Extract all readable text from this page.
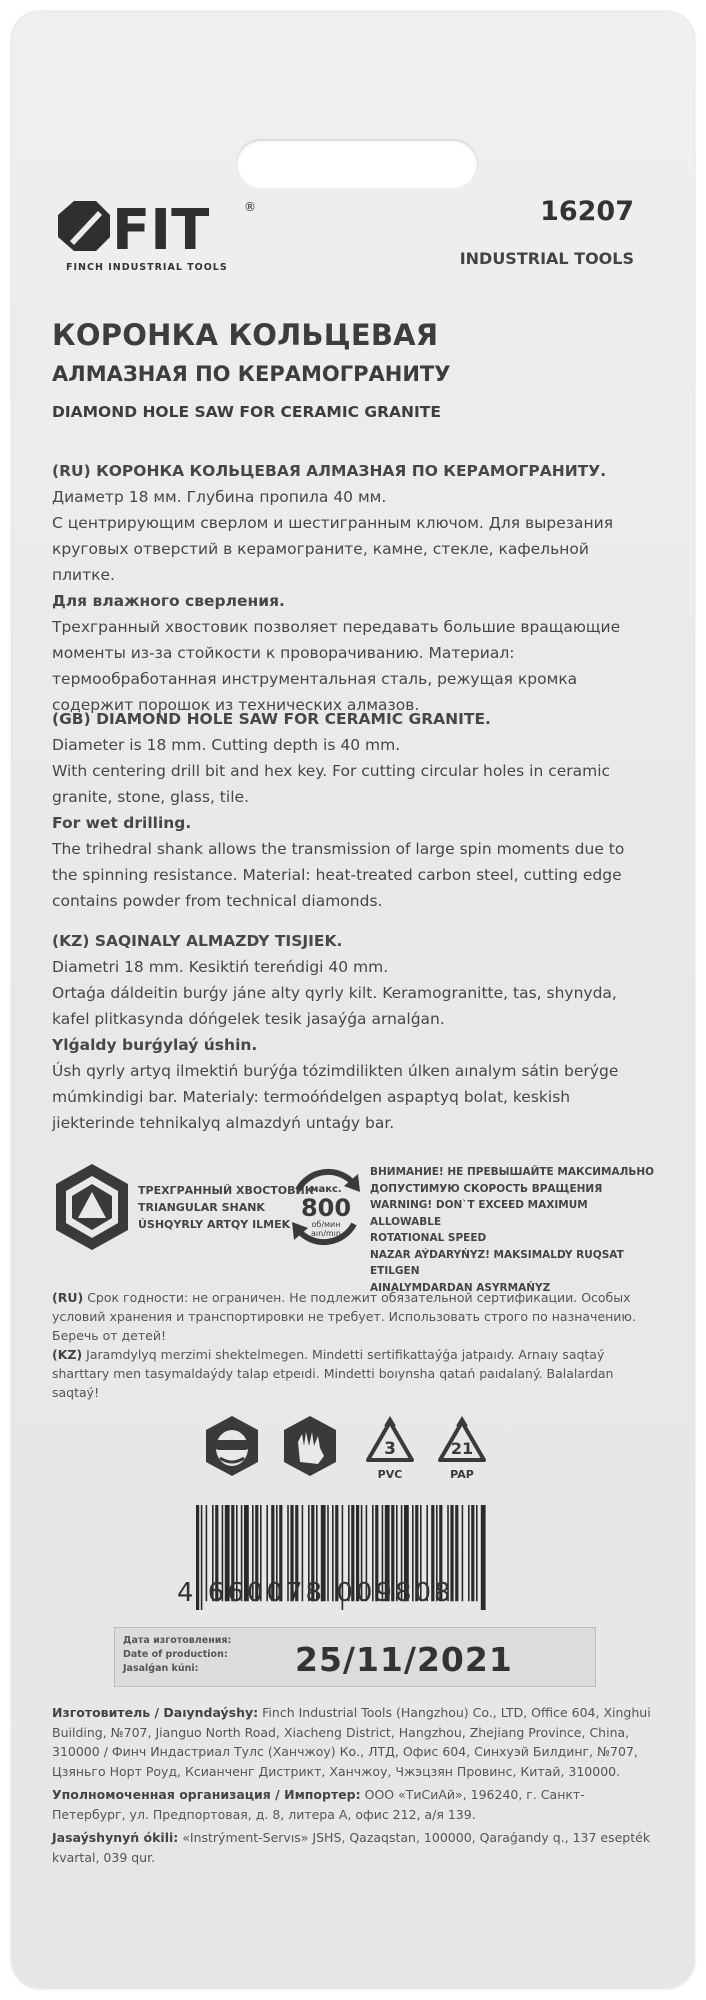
FIT	®
FINCH INDUSTRIAL TOOLS
16207
INDUSTRIAL TOOLS
КОРОНКА КОЛЬЦЕВАЯ
АЛМАЗНАЯ ПО КЕРАМОГРАНИТУ
DIAMOND HOLE SAW FOR CERAMIC GRANITE

(RU) КОРОНКА КОЛЬЦЕВАЯ АЛМАЗНАЯ ПО КЕРАМОГРАНИТУ.

Диаметр 18 мм. Глубина пропила 40 мм.

С центрирующим сверлом и шестигранным ключом. Для вырезания круговых отверстий в керамограните, камне, стекле, кафельной плитке.

Для влажного сверления.

Трехгранный хвостовик позволяет передавать большие вращающие моменты из-за стойкости к проворачиванию. Материал: термообработанная инструментальная сталь, режущая кромка содержит порошок из технических алмазов.

(GB) DIAMOND HOLE SAW FOR CERAMIC GRANITE.

Diameter is 18 mm. Cutting depth is 40 mm.

With centering drill bit and hex key. For cutting circular holes in ceramic granite, stone, glass, tile.

For wet drilling.

The trihedral shank allows the transmission of large spin moments due to the spinning resistance. Material: heat-treated carbon steel, cutting edge contains powder from technical diamonds.

(KZ) SAQINALY ALMAZDY TISJIEK.

Diametri 18 mm. Kesiktiń tereńdigi 40 mm.

Ortaǵa dáldeitin burǵy jáne alty qyrly kilt. Keramogranitte, tas, shynyda, kafel plitkasynda dóńgelek tesik jasaýǵa arnalǵan.

Ylǵaldy burǵylaý úshin.

Úsh qyrly artyq ilmektiń burýǵa tózimdilikten úlken aınalym sátin berýge múmkindigi bar. Materialy: termoóńdelgen aspaptyq bolat, keskish jiekterinde tehnikalyq almazdyń untaǵy bar.

ТРЕХГРАННЫЙ ХВОСТОВИК
TRIANGULAR SHANK
ÚSHQYRLY ARTQY ILMEK
макс.
800
об/мин
aın/mın
ВНИМАНИЕ! НЕ ПРЕВЫШАЙТЕ МАКСИМАЛЬНО
ДОПУСТИМУЮ СКОРОСТЬ ВРАЩЕНИЯ
WARNING! DON`T EXCEED MAXIMUM ALLOWABLE
ROTATIONAL SPEED
NAZAR AÝDARYŃYZ! MAKSIMALDY RUQSAT ETILGEN
AINALYMDARDAN ASYRMAŃYZ

(RU) Срок годности: не ограничен. Не подлежит обязательной сертификации. Особых условий хранения и транспортировки не требует. Использовать строго по назначению. Беречь от детей!

(KZ) Jaramdylyq merzimi shektelmegen. Mindetti sertifikattaýǵa jatpaıdy. Arnaıy saqtaý sharttary men tasymaldaýdy talap etpeıdi. Mindetti boıynsha qatań paıdalaný. Balalardan saqtaý!

3
PVC
21
PAP
4 660078 009808
Дата изготовления:
Date of production:
Jasalǵan kúni:	25/11/2021

Изготовитель / Daıyndaýshy: Finch Industrial Tools (Hangzhou) Co., LTD, Office 604, Xinghui Building, №707, Jianguo North Road, Xiacheng District, Hangzhou, Zhejiang Province, China, 310000 / Финч Индастриал Тулс (Ханчжоу) Ко., ЛТД, Офис 604, Синхуэй Билдинг, №707, Цзяньго Норт Роуд, Ксианченг Дистрикт, Ханчжоу, Чжэцзян Провинс, Китай, 310000.

Уполномоченная организация / Импортер: ООО «ТиСиАй», 196240, г. Санкт-Петербург, ул. Предпортовая, д. 8, литера А, офис 212, а/я 139.

Jasaýshynyń ókili: «Instrýment-Servıs» JSHS, Qazaqstan, 100000, Qaraǵandy q., 137 esepték kvartal, 039 qur.
